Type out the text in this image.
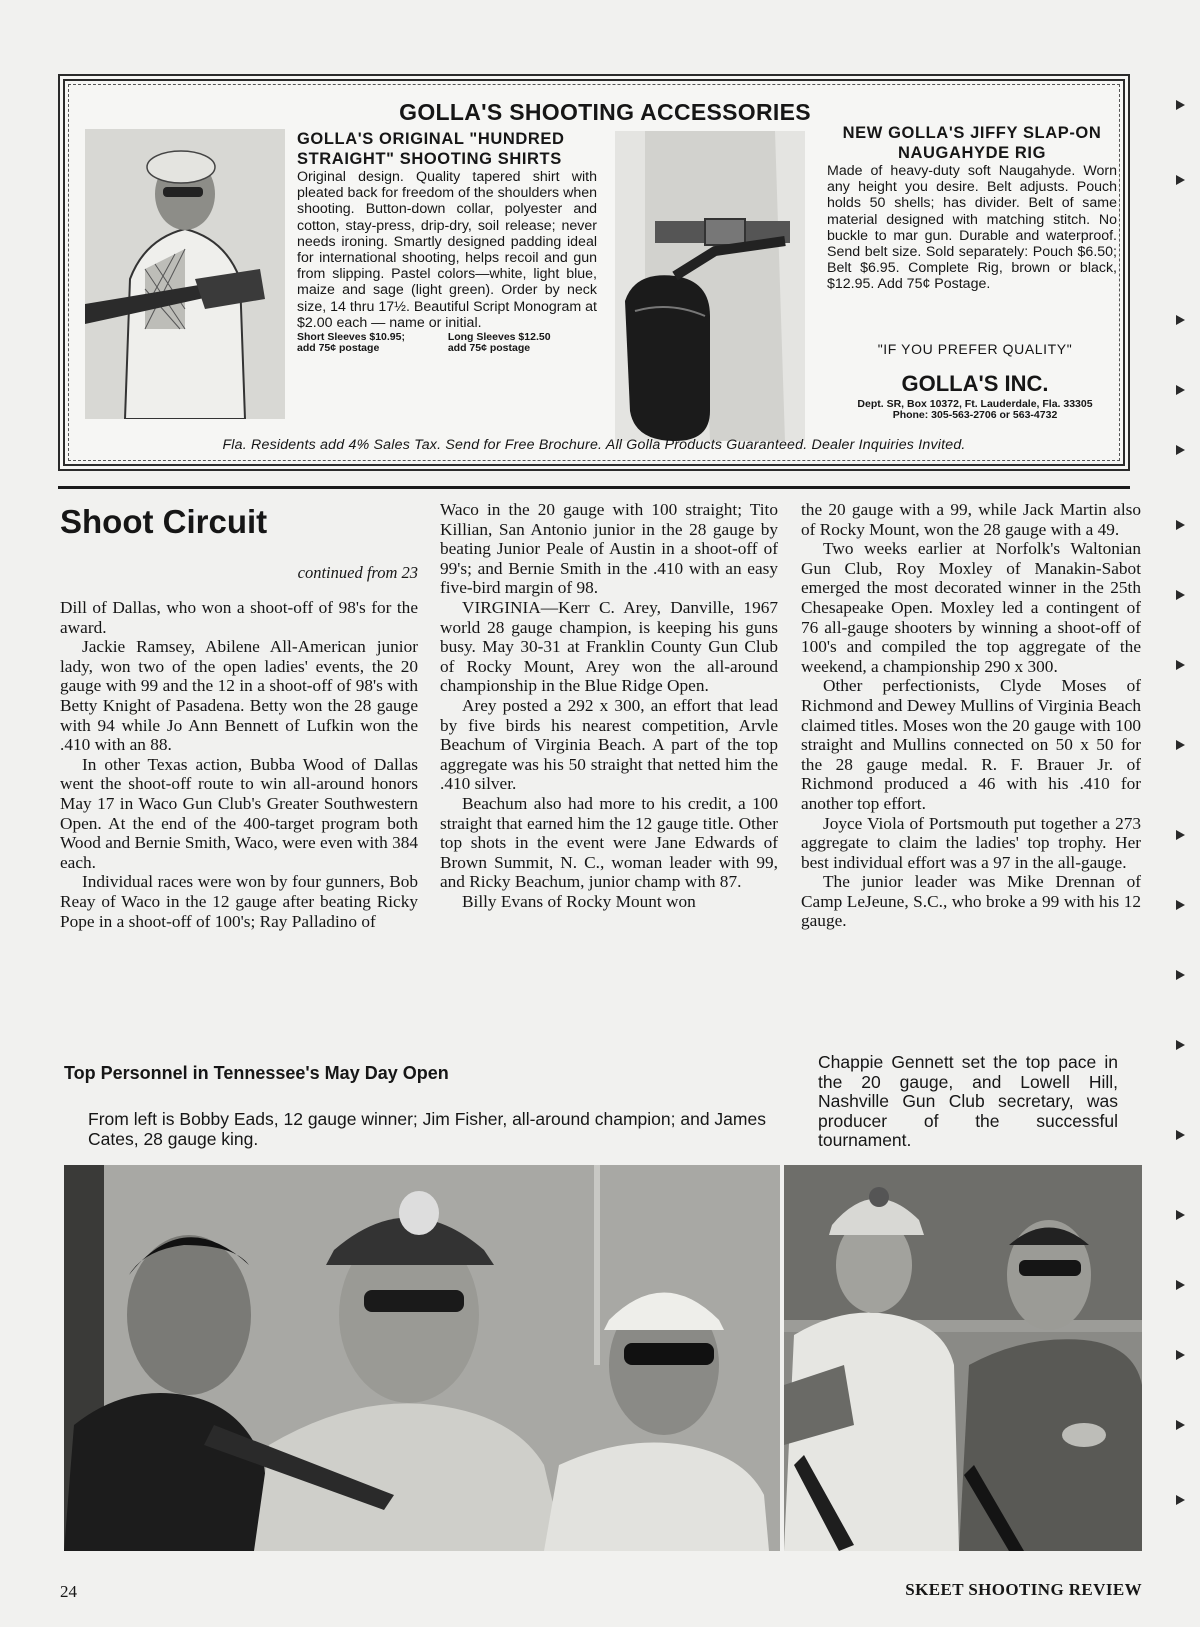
GOLLA'S SHOOTING ACCESSORIES
GOLLA'S ORIGINAL "HUNDRED STRAIGHT" SHOOTING SHIRTS
Original design. Quality tapered shirt with pleated back for freedom of the shoulders when shooting. Button-down collar, polyester and cotton, stay-press, drip-dry, soil release; never needs ironing. Smartly designed padding ideal for international shooting, helps recoil and gun from slipping. Pastel colors—white, light blue, maize and sage (light green). Order by neck size, 14 thru 17½. Beautiful Script Monogram at $2.00 each — name or initial.
Short Sleeves $10.95;
add 75¢ postage
Long Sleeves $12.50
add 75¢ postage
NEW GOLLA'S JIFFY SLAP-ON NAUGAHYDE RIG
Made of heavy-duty soft Naugahyde. Worn any height you desire. Belt adjusts. Pouch holds 50 shells; has divider. Belt of same material designed with matching stitch. No buckle to mar gun. Durable and waterproof. Send belt size. Sold separately: Pouch $6.50; Belt $6.95. Complete Rig, brown or black, $12.95. Add 75¢ Postage.
"IF YOU PREFER QUALITY"
GOLLA'S INC.
Dept. SR, Box 10372, Ft. Lauderdale, Fla. 33305
Phone: 305-563-2706 or 563-4732
Fla. Residents add 4% Sales Tax. Send for Free Brochure. All Golla Products Guaranteed. Dealer Inquiries Invited.
Shoot Circuit
continued from 23

Dill of Dallas, who won a shoot-off of 98's for the award.

Jackie Ramsey, Abilene All-American junior lady, won two of the open ladies' events, the 20 gauge with 99 and the 12 in a shoot-off of 98's with Betty Knight of Pasadena. Betty won the 28 gauge with 94 while Jo Ann Bennett of Lufkin won the .410 with an 88.

In other Texas action, Bubba Wood of Dallas went the shoot-off route to win all-around honors May 17 in Waco Gun Club's Greater Southwestern Open. At the end of the 400-target program both Wood and Bernie Smith, Waco, were even with 384 each.

Individual races were won by four gunners, Bob Reay of Waco in the 12 gauge after beating Ricky Pope in a shoot-off of 100's; Ray Palladino of

Waco in the 20 gauge with 100 straight; Tito Killian, San Antonio junior in the 28 gauge by beating Junior Peale of Austin in a shoot-off of 99's; and Bernie Smith in the .410 with an easy five-bird margin of 98.

VIRGINIA—Kerr C. Arey, Danville, 1967 world 28 gauge champion, is keeping his guns busy. May 30-31 at Franklin County Gun Club of Rocky Mount, Arey won the all-around championship in the Blue Ridge Open.

Arey posted a 292 x 300, an effort that lead by five birds his nearest competition, Arvle Beachum of Virginia Beach. A part of the top aggregate was his 50 straight that netted him the .410 silver.

Beachum also had more to his credit, a 100 straight that earned him the 12 gauge title. Other top shots in the event were Jane Edwards of Brown Summit, N. C., woman leader with 99, and Ricky Beachum, junior champ with 87.

Billy Evans of Rocky Mount won

the 20 gauge with a 99, while Jack Martin also of Rocky Mount, won the 28 gauge with a 49.

Two weeks earlier at Norfolk's Waltonian Gun Club, Roy Moxley of Manakin-Sabot emerged the most decorated winner in the 25th Chesapeake Open. Moxley led a contingent of 76 all-gauge shooters by winning a shoot-off of 100's and compiled the top aggregate of the weekend, a championship 290 x 300.

Other perfectionists, Clyde Moses of Richmond and Dewey Mullins of Virginia Beach claimed titles. Moses won the 20 gauge with 100 straight and Mullins connected on 50 x 50 for the 28 gauge medal. R. F. Brauer Jr. of Richmond produced a 46 with his .410 for another top effort.

Joyce Viola of Portsmouth put together a 273 aggregate to claim the ladies' top trophy. Her best individual effort was a 97 in the all-gauge.

The junior leader was Mike Drennan of Camp LeJeune, S.C., who broke a 99 with his 12 gauge.

Top Personnel in Tennessee's May Day Open
From left is Bobby Eads, 12 gauge winner; Jim Fisher, all-around champion; and James Cates, 28 gauge king.
Chappie Gennett set the top pace in the 20 gauge, and Lowell Hill, Nashville Gun Club secretary, was producer of the successful tournament.
24	SKEET SHOOTING REVIEW
